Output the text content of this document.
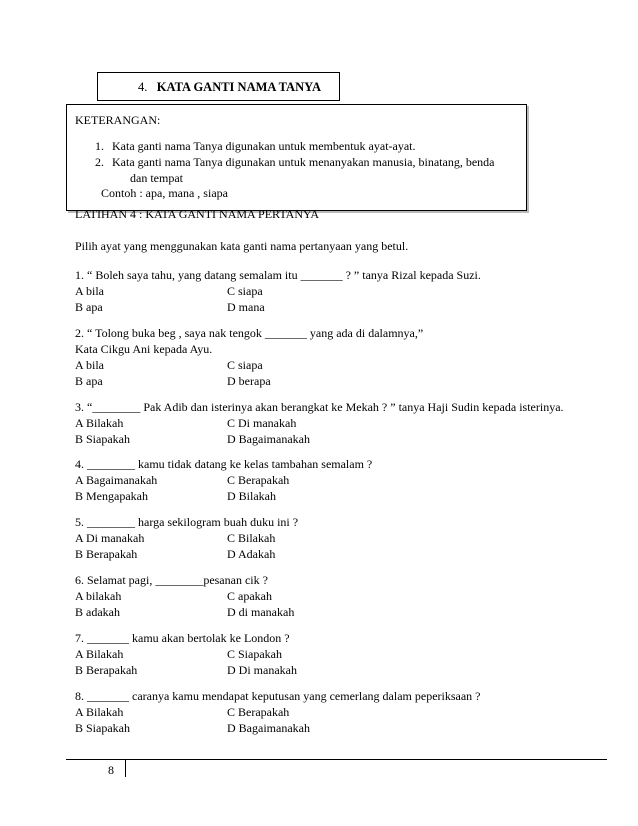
4. KATA GANTI NAMA TANYA
KETERANGAN:
1. Kata ganti nama Tanya digunakan untuk membentuk ayat-ayat.
2. Kata ganti nama Tanya digunakan untuk menanyakan manusia, binatang, benda
dan tempat
Contoh : apa, mana , siapa
LATIHAN 4 : KATA GANTI NAMA PERTANYA
Pilih ayat yang menggunakan kata ganti nama pertanyaan yang betul.
1. “ Boleh saya tahu, yang datang semalam itu _______ ? ” tanya Rizal kepada Suzi.
A bila	C siapa
B apa	D mana
2. “ Tolong buka beg , saya nak tengok _______ yang ada di dalamnya,”
Kata Cikgu Ani kepada Ayu.
A bila	C siapa
B apa	D berapa
3. “________ Pak Adib dan isterinya akan berangkat ke Mekah ? ” tanya Haji Sudin kepada isterinya.
A Bilakah	C Di manakah
B Siapakah	D Bagaimanakah
4. ________ kamu tidak datang ke kelas tambahan semalam ?
A Bagaimanakah	C Berapakah
B Mengapakah	D Bilakah
5. ________ harga sekilogram buah duku ini ?
A Di manakah	C Bilakah
B Berapakah	D Adakah
6. Selamat pagi, ________pesanan cik ?
A bilakah	C apakah
B adakah	D di manakah
7. _______ kamu akan bertolak ke London ?
A Bilakah	C Siapakah
B Berapakah	D Di manakah
8. _______ caranya kamu mendapat keputusan yang cemerlang dalam peperiksaan ?
A Bilakah	C Berapakah
B Siapakah	D Bagaimanakah
8
